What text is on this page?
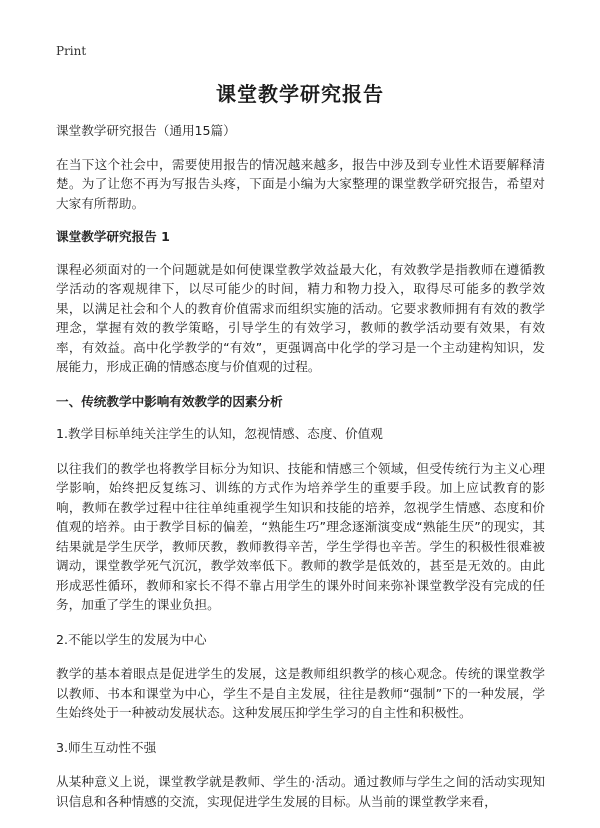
Print
课堂教学研究报告

课堂教学研究报告（通用15篇）

在当下这个社会中，需要使用报告的情况越来越多，报告中涉及到专业性术语要解释清楚。为了让您不再为写报告头疼，下面是小编为大家整理的课堂教学研究报告，希望对大家有所帮助。

课堂教学研究报告 1

课程必须面对的一个问题就是如何使课堂教学效益最大化，有效教学是指教师在遵循教学活动的客观规律下，以尽可能少的时间，精力和物力投入，取得尽可能多的教学效果，以满足社会和个人的教育价值需求而组织实施的活动。它要求教师拥有有效的教学理念，掌握有效的教学策略，引导学生的有效学习，教师的教学活动要有效果，有效率，有效益。高中化学教学的“有效”，更强调高中化学的学习是一个主动建构知识，发展能力，形成正确的情感态度与价值观的过程。

一、传统教学中影响有效教学的因素分析

1.教学目标单纯关注学生的认知，忽视情感、态度、价值观

以往我们的教学也将教学目标分为知识、技能和情感三个领域，但受传统行为主义心理学影响，始终把反复练习、训练的方式作为培养学生的重要手段。加上应试教育的影响，教师在教学过程中往往单纯重视学生知识和技能的培养，忽视学生情感、态度和价值观的培养。由于教学目标的偏差，“熟能生巧”理念逐渐演变成“熟能生厌”的现实，其结果就是学生厌学，教师厌教，教师教得辛苦，学生学得也辛苦。学生的积极性很难被调动，课堂教学死气沉沉，教学效率低下。教师的教学是低效的，甚至是无效的。由此形成恶性循环，教师和家长不得不靠占用学生的课外时间来弥补课堂教学没有完成的任务，加重了学生的课业负担。

2.不能以学生的发展为中心

教学的基本着眼点是促进学生的发展，这是教师组织教学的核心观念。传统的课堂教学以教师、书本和课堂为中心，学生不是自主发展，往往是教师“强制”下的一种发展，学生始终处于一种被动发展状态。这种发展压抑学生学习的自主性和积极性。

3.师生互动性不强

从某种意义上说，课堂教学就是教师、学生的·活动。通过教师与学生之间的活动实现知识信息和各种情感的交流，实现促进学生发展的目标。从当前的课堂教学来看，
